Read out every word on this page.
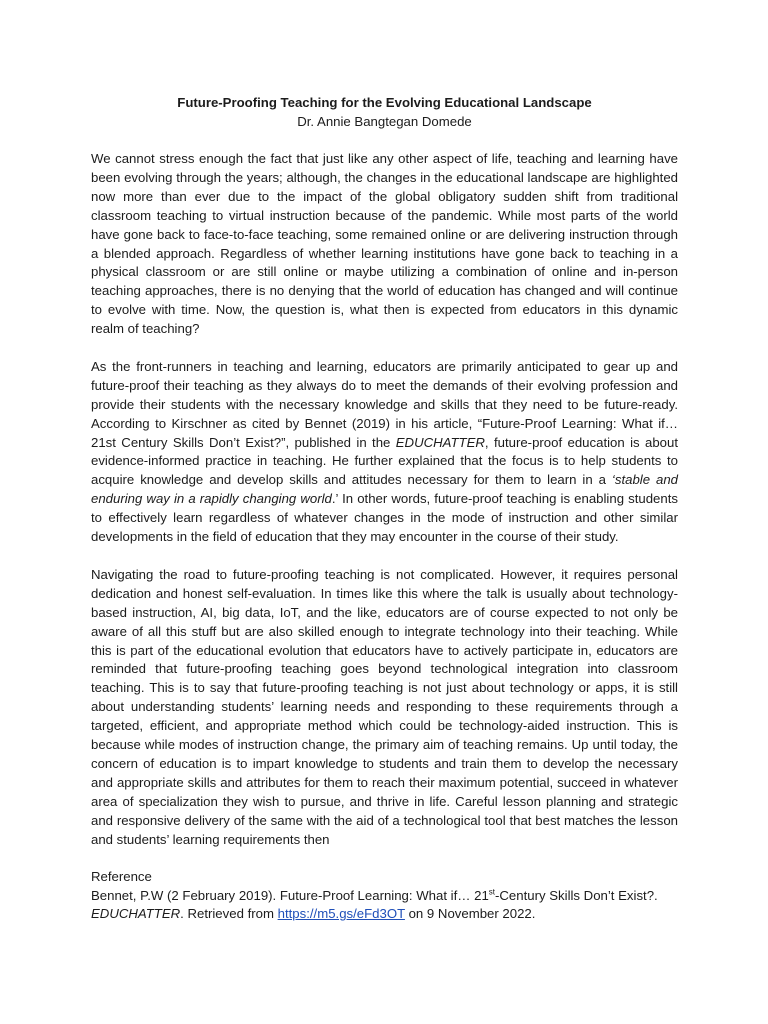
Future-Proofing Teaching for the Evolving Educational Landscape

Dr. Annie Bangtegan Domede

We cannot stress enough the fact that just like any other aspect of life, teaching and learning have been evolving through the years; although, the changes in the educational landscape are highlighted now more than ever due to the impact of the global obligatory sudden shift from traditional classroom teaching to virtual instruction because of the pandemic. While most parts of the world have gone back to face-to-face teaching, some remained online or are delivering instruction through a blended approach. Regardless of whether learning institutions have gone back to teaching in a physical classroom or are still online or maybe utilizing a combination of online and in-person teaching approaches, there is no denying that the world of education has changed and will continue to evolve with time. Now, the question is, what then is expected from educators in this dynamic realm of teaching?

As the front-runners in teaching and learning, educators are primarily anticipated to gear up and future-proof their teaching as they always do to meet the demands of their evolving profession and provide their students with the necessary knowledge and skills that they need to be future-ready. According to Kirschner as cited by Bennet (2019) in his article, “Future-Proof Learning: What if… 21st Century Skills Don’t Exist?”, published in the EDUCHATTER, future-proof education is about evidence-informed practice in teaching. He further explained that the focus is to help students to acquire knowledge and develop skills and attitudes necessary for them to learn in a ‘stable and enduring way in a rapidly changing world.’ In other words, future-proof teaching is enabling students to effectively learn regardless of whatever changes in the mode of instruction and other similar developments in the field of education that they may encounter in the course of their study.

Navigating the road to future-proofing teaching is not complicated. However, it requires personal dedication and honest self-evaluation. In times like this where the talk is usually about technology-based instruction, AI, big data, IoT, and the like, educators are of course expected to not only be aware of all this stuff but are also skilled enough to integrate technology into their teaching. While this is part of the educational evolution that educators have to actively participate in, educators are reminded that future-proofing teaching goes beyond technological integration into classroom teaching. This is to say that future-proofing teaching is not just about technology or apps, it is still about understanding students’ learning needs and responding to these requirements through a targeted, efficient, and appropriate method which could be technology-aided instruction. This is because while modes of instruction change, the primary aim of teaching remains. Up until today, the concern of education is to impart knowledge to students and train them to develop the necessary and appropriate skills and attributes for them to reach their maximum potential, succeed in whatever area of specialization they wish to pursue, and thrive in life. Careful lesson planning and strategic and responsive delivery of the same with the aid of a technological tool that best matches the lesson and students’ learning requirements then

Reference
Bennet, P.W (2 February 2019). Future-Proof Learning: What if… 21st-Century Skills Don’t Exist?.
EDUCHATTER. Retrieved from https://m5.gs/eFd3OT on 9 November 2022.
